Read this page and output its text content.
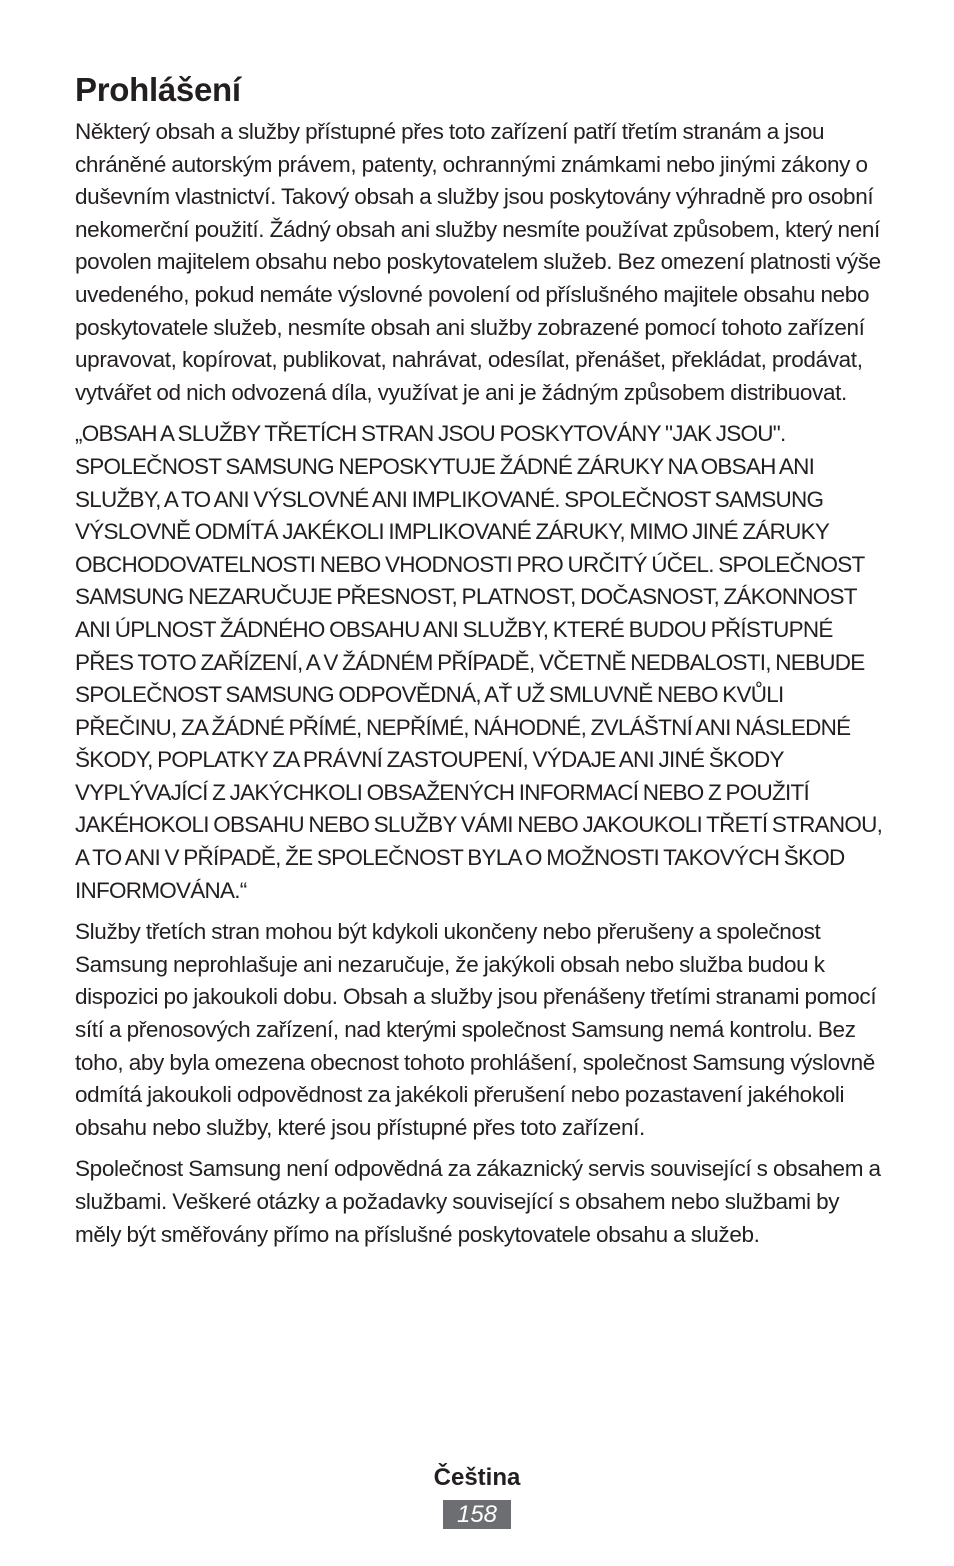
Prohlášení

Některý obsah a služby přístupné přes toto zařízení patří třetím stranám a jsou chráněné autorským právem, patenty, ochrannými známkami nebo jinými zákony o duševním vlastnictví. Takový obsah a služby jsou poskytovány výhradně pro osobní nekomerční použití. Žádný obsah ani služby nesmíte používat způsobem, který není povolen majitelem obsahu nebo poskytovatelem služeb. Bez omezení platnosti výše uvedeného, pokud nemáte výslovné povolení od příslušného majitele obsahu nebo poskytovatele služeb, nesmíte obsah ani služby zobrazené pomocí tohoto zařízení upravovat, kopírovat, publikovat, nahrávat, odesílat, přenášet, překládat, prodávat, vytvářet od nich odvozená díla, využívat je ani je žádným způsobem distribuovat.

„OBSAH A SLUŽBY TŘETÍCH STRAN JSOU POSKYTOVÁNY "JAK JSOU". SPOLEČNOST SAMSUNG NEPOSKYTUJE ŽÁDNÉ ZÁRUKY NA OBSAH ANI SLUŽBY, A TO ANI VÝSLOVNÉ ANI IMPLIKOVANÉ. SPOLEČNOST SAMSUNG VÝSLOVNĚ ODMÍTÁ JAKÉKOLI IMPLIKOVANÉ ZÁRUKY, MIMO JINÉ ZÁRUKY OBCHODOVATELNOSTI NEBO VHODNOSTI PRO URČITÝ ÚČEL. SPOLEČNOST SAMSUNG NEZARUČUJE PŘESNOST, PLATNOST, DOČASNOST, ZÁKONNOST ANI ÚPLNOST ŽÁDNÉHO OBSAHU ANI SLUŽBY, KTERÉ BUDOU PŘÍSTUPNÉ PŘES TOTO ZAŘÍZENÍ, A V ŽÁDNÉM PŘÍPADĚ, VČETNĚ NEDBALOSTI, NEBUDE SPOLEČNOST SAMSUNG ODPOVĚDNÁ, AŤ UŽ SMLUVNĚ NEBO KVŮLI PŘEČINU, ZA ŽÁDNÉ PŘÍMÉ, NEPŘÍMÉ, NÁHODNÉ, ZVLÁŠTNÍ ANI NÁSLEDNÉ ŠKODY, POPLATKY ZA PRÁVNÍ ZASTOUPENÍ, VÝDAJE ANI JINÉ ŠKODY VYPLÝVAJÍCÍ Z JAKÝCHKOLI OBSAŽENÝCH INFORMACÍ NEBO Z POUŽITÍ JAKÉHOKOLI OBSAHU NEBO SLUŽBY VÁMI NEBO JAKOUKOLI TŘETÍ STRANOU, A TO ANI V PŘÍPADĚ, ŽE SPOLEČNOST BYLA O MOŽNOSTI TAKOVÝCH ŠKOD INFORMOVÁNA.“

Služby třetích stran mohou být kdykoli ukončeny nebo přerušeny a společnost Samsung neprohlašuje ani nezaručuje, že jakýkoli obsah nebo služba budou k dispozici po jakoukoli dobu. Obsah a služby jsou přenášeny třetími stranami pomocí sítí a přenosových zařízení, nad kterými společnost Samsung nemá kontrolu. Bez toho, aby byla omezena obecnost tohoto prohlášení, společnost Samsung výslovně odmítá jakoukoli odpovědnost za jakékoli přerušení nebo pozastavení jakéhokoli obsahu nebo služby, které jsou přístupné přes toto zařízení.

Společnost Samsung není odpovědná za zákaznický servis související s obsahem a službami. Veškeré otázky a požadavky související s obsahem nebo službami by měly být směřovány přímo na příslušné poskytovatele obsahu a služeb.

Čeština
158
